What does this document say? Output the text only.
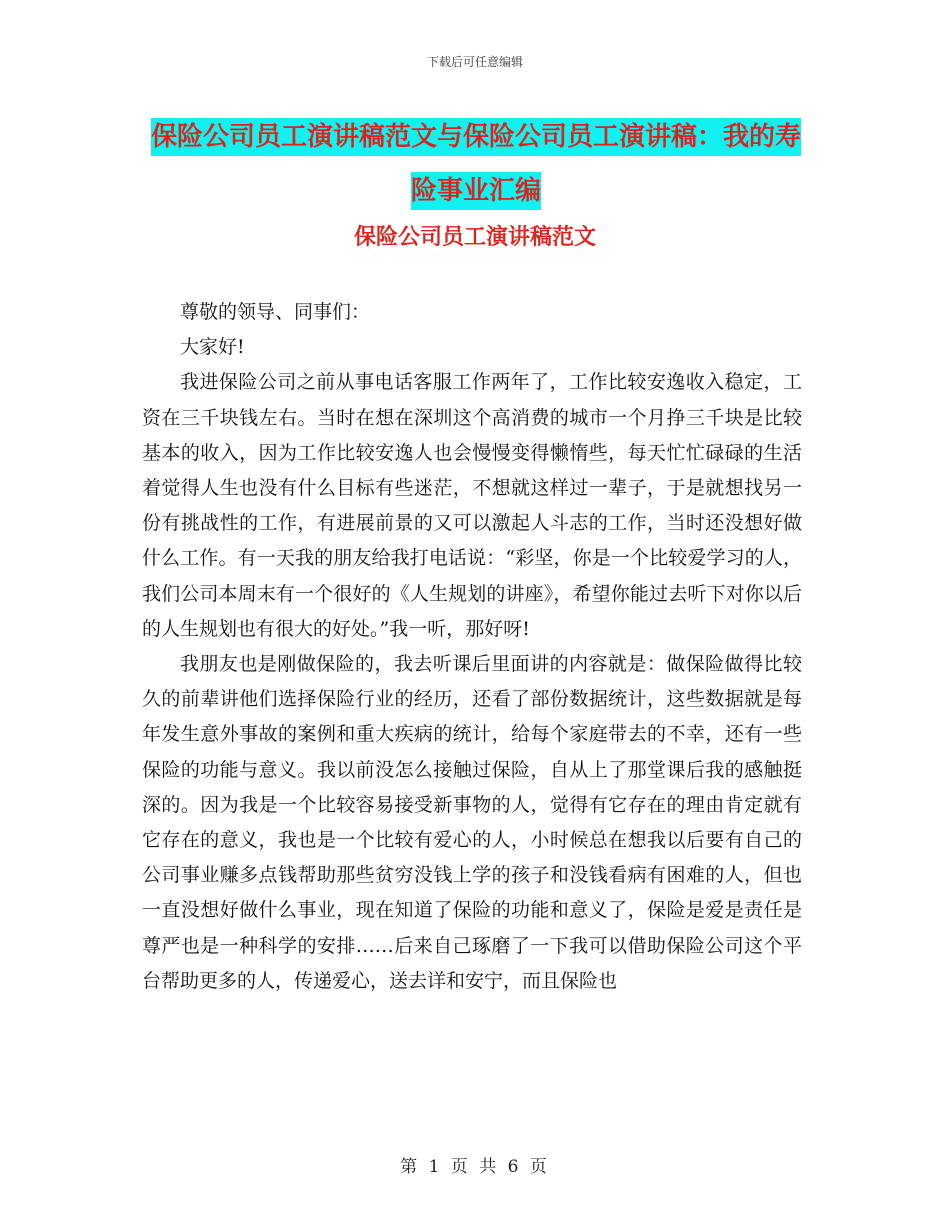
下载后可任意编辑
保险公司员工演讲稿范文与保险公司员工演讲稿：我的寿险事业汇编
保险公司员工演讲稿范文

尊敬的领导、同事们：

大家好!

我进保险公司之前从事电话客服工作两年了，工作比较安逸收入稳定，工资在三千块钱左右。当时在想在深圳这个高消费的城市一个月挣三千块是比较基本的收入，因为工作比较安逸人也会慢慢变得懒惰些，每天忙忙碌碌的生活着觉得人生也没有什么目标有些迷茫，不想就这样过一辈子，于是就想找另一份有挑战性的工作，有进展前景的又可以激起人斗志的工作，当时还没想好做什么工作。有一天我的朋友给我打电话说：“彩坚，你是一个比较爱学习的人，我们公司本周末有一个很好的《人生规划的讲座》，希望你能过去听下对你以后的人生规划也有很大的好处。”我一听，那好呀!

我朋友也是刚做保险的，我去听课后里面讲的内容就是：做保险做得比较久的前辈讲他们选择保险行业的经历，还看了部份数据统计，这些数据就是每年发生意外事故的案例和重大疾病的统计，给每个家庭带去的不幸，还有一些保险的功能与意义。我以前没怎么接触过保险，自从上了那堂课后我的感触挺深的。因为我是一个比较容易接受新事物的人，觉得有它存在的理由肯定就有它存在的意义，我也是一个比较有爱心的人，小时候总在想我以后要有自己的公司事业赚多点钱帮助那些贫穷没钱上学的孩子和没钱看病有困难的人，但也一直没想好做什么事业，现在知道了保险的功能和意义了，保险是爱是责任是尊严也是一种科学的安排……后来自己琢磨了一下我可以借助保险公司这个平台帮助更多的人，传递爱心，送去详和安宁，而且保险也

第 1 页 共 6 页
